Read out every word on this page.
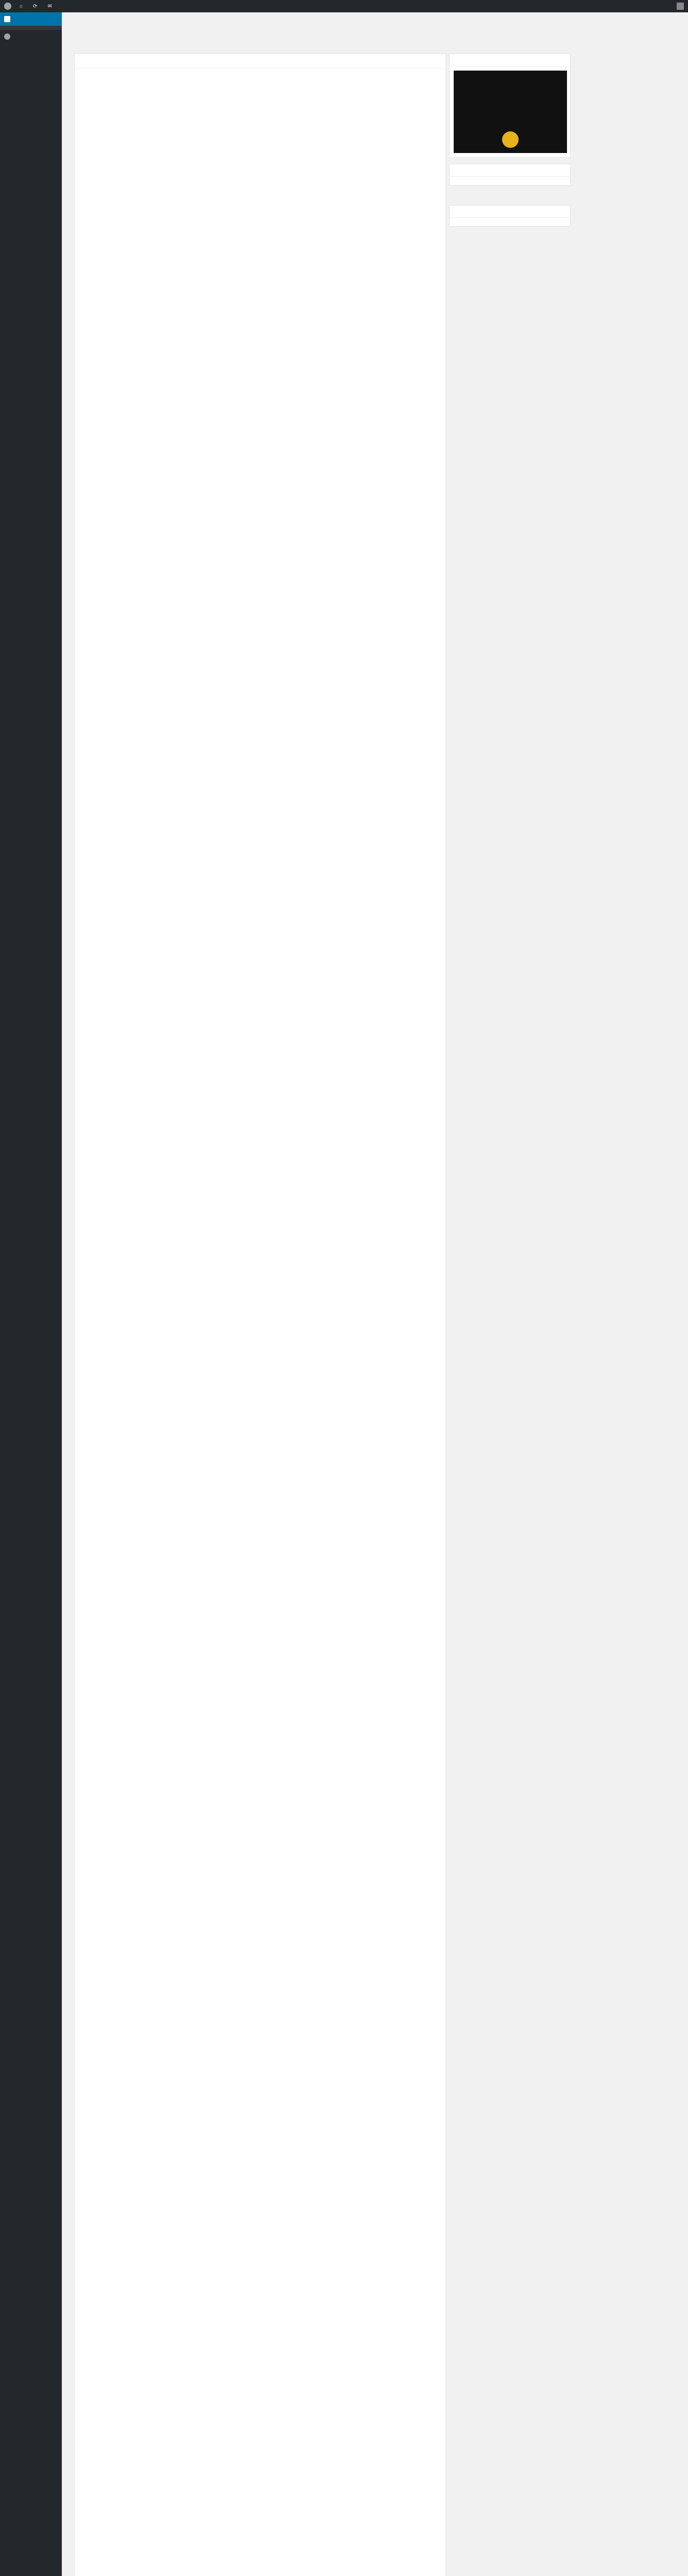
⌂ ⟳ ✉
